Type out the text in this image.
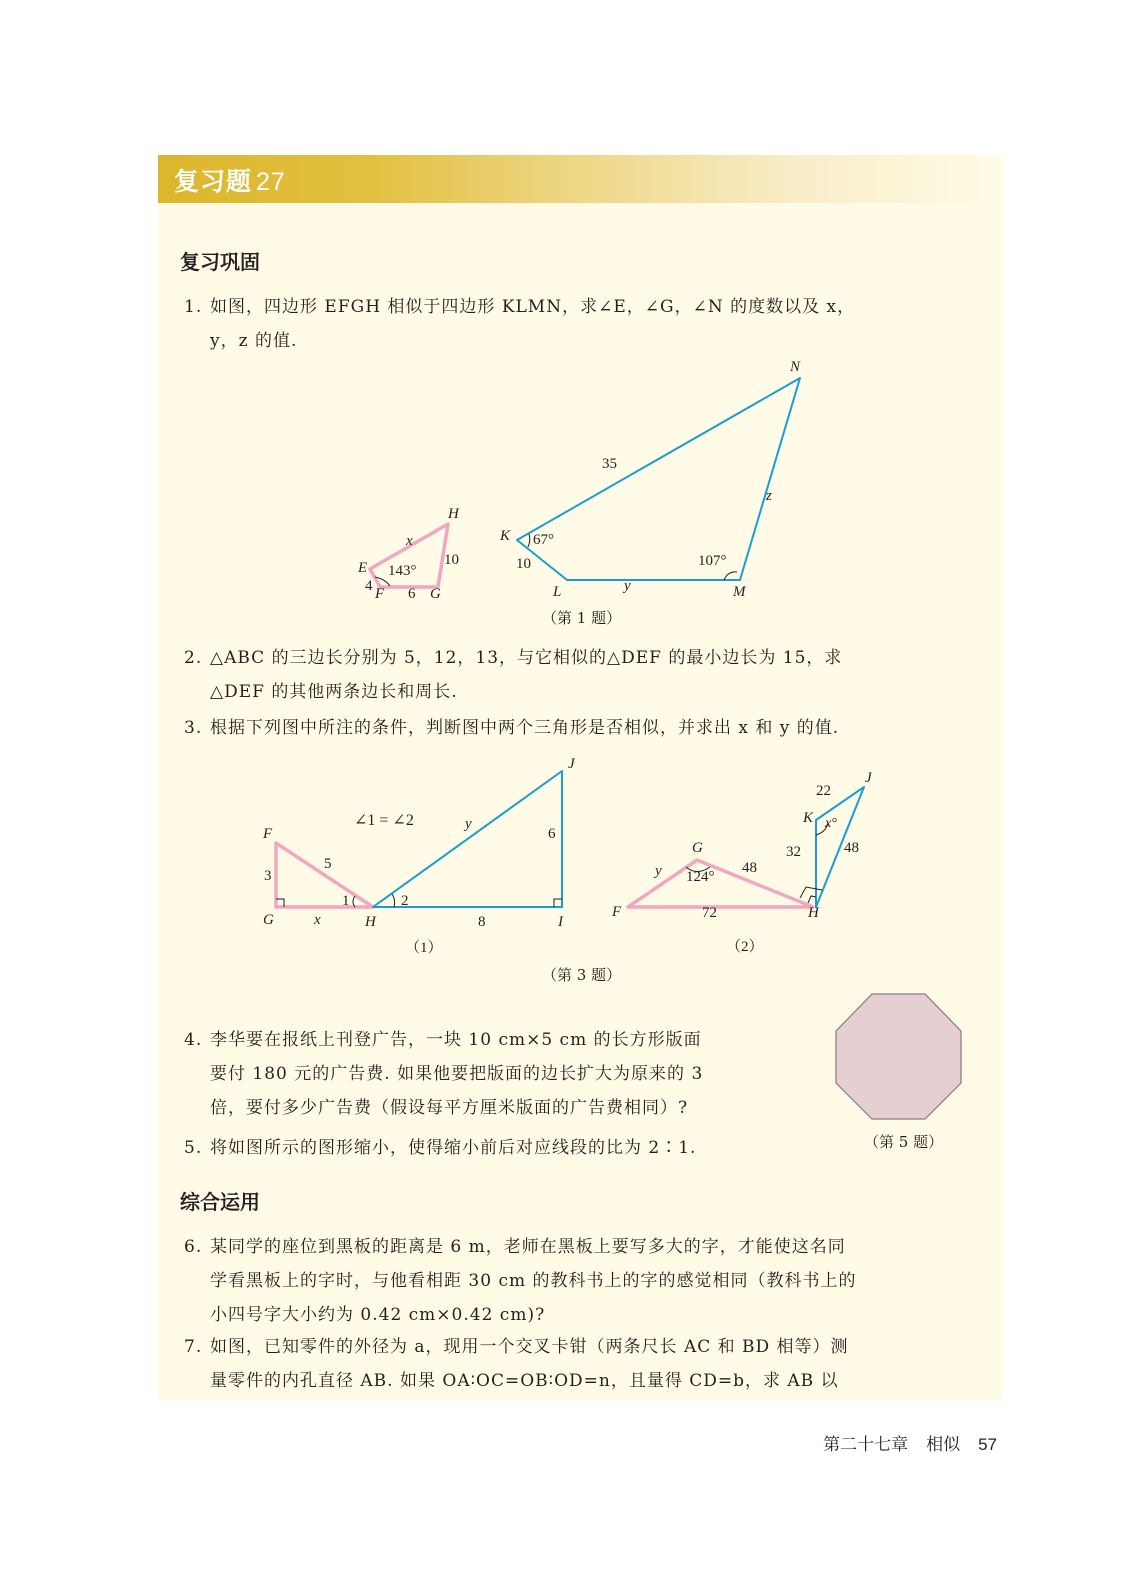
复习题 27
复习巩固
1. 如图，四边形 EFGH 相似于四边形 KLMN，求∠E，∠G，∠N 的度数以及 x，
y，z 的值.
E
H
F	G
x
10
4 6
143°
K
N
L	M
35
10
y
z
67°
107°
（第 1 题）
2. △ABC 的三边长分别为 5，12，13，与它相似的△DEF 的最小边长为 15，求
△DEF 的其他两条边长和周长.
3. 根据下列图中所注的条件，判断图中两个三角形是否相似，并求出 x 和 y 的值.
∠1 = ∠2
F
G	H	I
J
3
5
x
y
6
8
1	2
（1）
G
F	H
K
J
y	48
72
124°
22
32	48
x°
（2）
（第 3 题）
4. 李华要在报纸上刊登广告，一块 10 cm×5 cm 的长方形版面
要付 180 元的广告费. 如果他要把版面的边长扩大为原来的 3
倍，要付多少广告费（假设每平方厘米版面的广告费相同）?
5. 将如图所示的图形缩小，使得缩小前后对应线段的比为 2∶1.	（第 5 题）
综合运用
6. 某同学的座位到黑板的距离是 6 m，老师在黑板上要写多大的字，才能使这名同
学看黑板上的字时，与他看相距 30 cm 的教科书上的字的感觉相同（教科书上的
小四号字大小约为 0.42 cm×0.42 cm)?
7. 如图，已知零件的外径为 a，现用一个交叉卡钳（两条尺长 AC 和 BD 相等）测
量零件的内孔直径 AB. 如果 OA∶OC=OB∶OD=n，且量得 CD=b，求 AB 以
第二十七章 相似 57
